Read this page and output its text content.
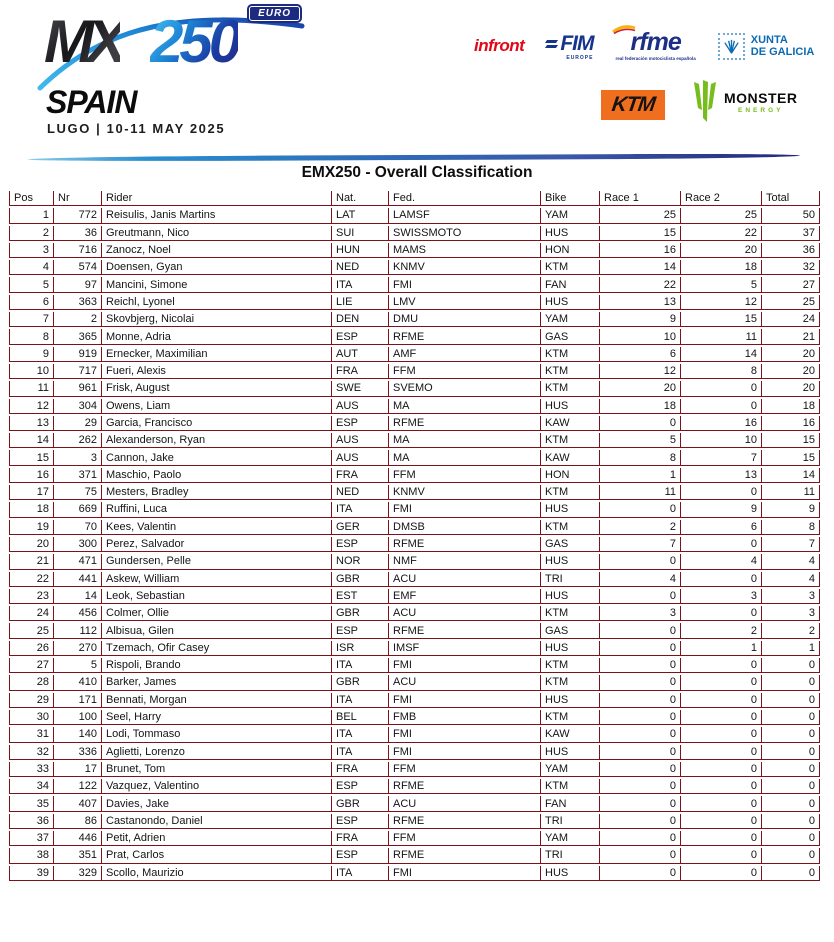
MX 250	EURO
SPAIN
LUGO | 10-11 MAY 2025
infront FIM
EUROPE
rfme
real federación motociclista española
XUNTA
DE GALICIA
KTM	MONSTER
ENERGY
EMX250 - Overall Classification
Pos	Nr	Rider	Nat.	Fed.	Bike	Race 1	Race 2	Total
1	772	Reisulis, Janis Martins	LAT	LAMSF	YAM	25	25	50
2	36	Greutmann, Nico	SUI	SWISSMOTO	HUS	15	22	37
3	716	Zanocz, Noel	HUN	MAMS	HON	16	20	36
4	574	Doensen, Gyan	NED	KNMV	KTM	14	18	32
5	97	Mancini, Simone	ITA	FMI	FAN	22	5	27
6	363	Reichl, Lyonel	LIE	LMV	HUS	13	12	25
7	2	Skovbjerg, Nicolai	DEN	DMU	YAM	9	15	24
8	365	Monne, Adria	ESP	RFME	GAS	10	11	21
9	919	Ernecker, Maximilian	AUT	AMF	KTM	6	14	20
10	717	Fueri, Alexis	FRA	FFM	KTM	12	8	20
11	961	Frisk, August	SWE	SVEMO	KTM	20	0	20
12	304	Owens, Liam	AUS	MA	HUS	18	0	18
13	29	Garcia, Francisco	ESP	RFME	KAW	0	16	16
14	262	Alexanderson, Ryan	AUS	MA	KTM	5	10	15
15	3	Cannon, Jake	AUS	MA	KAW	8	7	15
16	371	Maschio, Paolo	FRA	FFM	HON	1	13	14
17	75	Mesters, Bradley	NED	KNMV	KTM	11	0	11
18	669	Ruffini, Luca	ITA	FMI	HUS	0	9	9
19	70	Kees, Valentin	GER	DMSB	KTM	2	6	8
20	300	Perez, Salvador	ESP	RFME	GAS	7	0	7
21	471	Gundersen, Pelle	NOR	NMF	HUS	0	4	4
22	441	Askew, William	GBR	ACU	TRI	4	0	4
23	14	Leok, Sebastian	EST	EMF	HUS	0	3	3
24	456	Colmer, Ollie	GBR	ACU	KTM	3	0	3
25	112	Albisua, Gilen	ESP	RFME	GAS	0	2	2
26	270	Tzemach, Ofir Casey	ISR	IMSF	HUS	0	1	1
27	5	Rispoli, Brando	ITA	FMI	KTM	0	0	0
28	410	Barker, James	GBR	ACU	KTM	0	0	0
29	171	Bennati, Morgan	ITA	FMI	HUS	0	0	0
30	100	Seel, Harry	BEL	FMB	KTM	0	0	0
31	140	Lodi, Tommaso	ITA	FMI	KAW	0	0	0
32	336	Aglietti, Lorenzo	ITA	FMI	HUS	0	0	0
33	17	Brunet, Tom	FRA	FFM	YAM	0	0	0
34	122	Vazquez, Valentino	ESP	RFME	KTM	0	0	0
35	407	Davies, Jake	GBR	ACU	FAN	0	0	0
36	86	Castanondo, Daniel	ESP	RFME	TRI	0	0	0
37	446	Petit, Adrien	FRA	FFM	YAM	0	0	0
38	351	Prat, Carlos	ESP	RFME	TRI	0	0	0
39	329	Scollo, Maurizio	ITA	FMI	HUS	0	0	0
